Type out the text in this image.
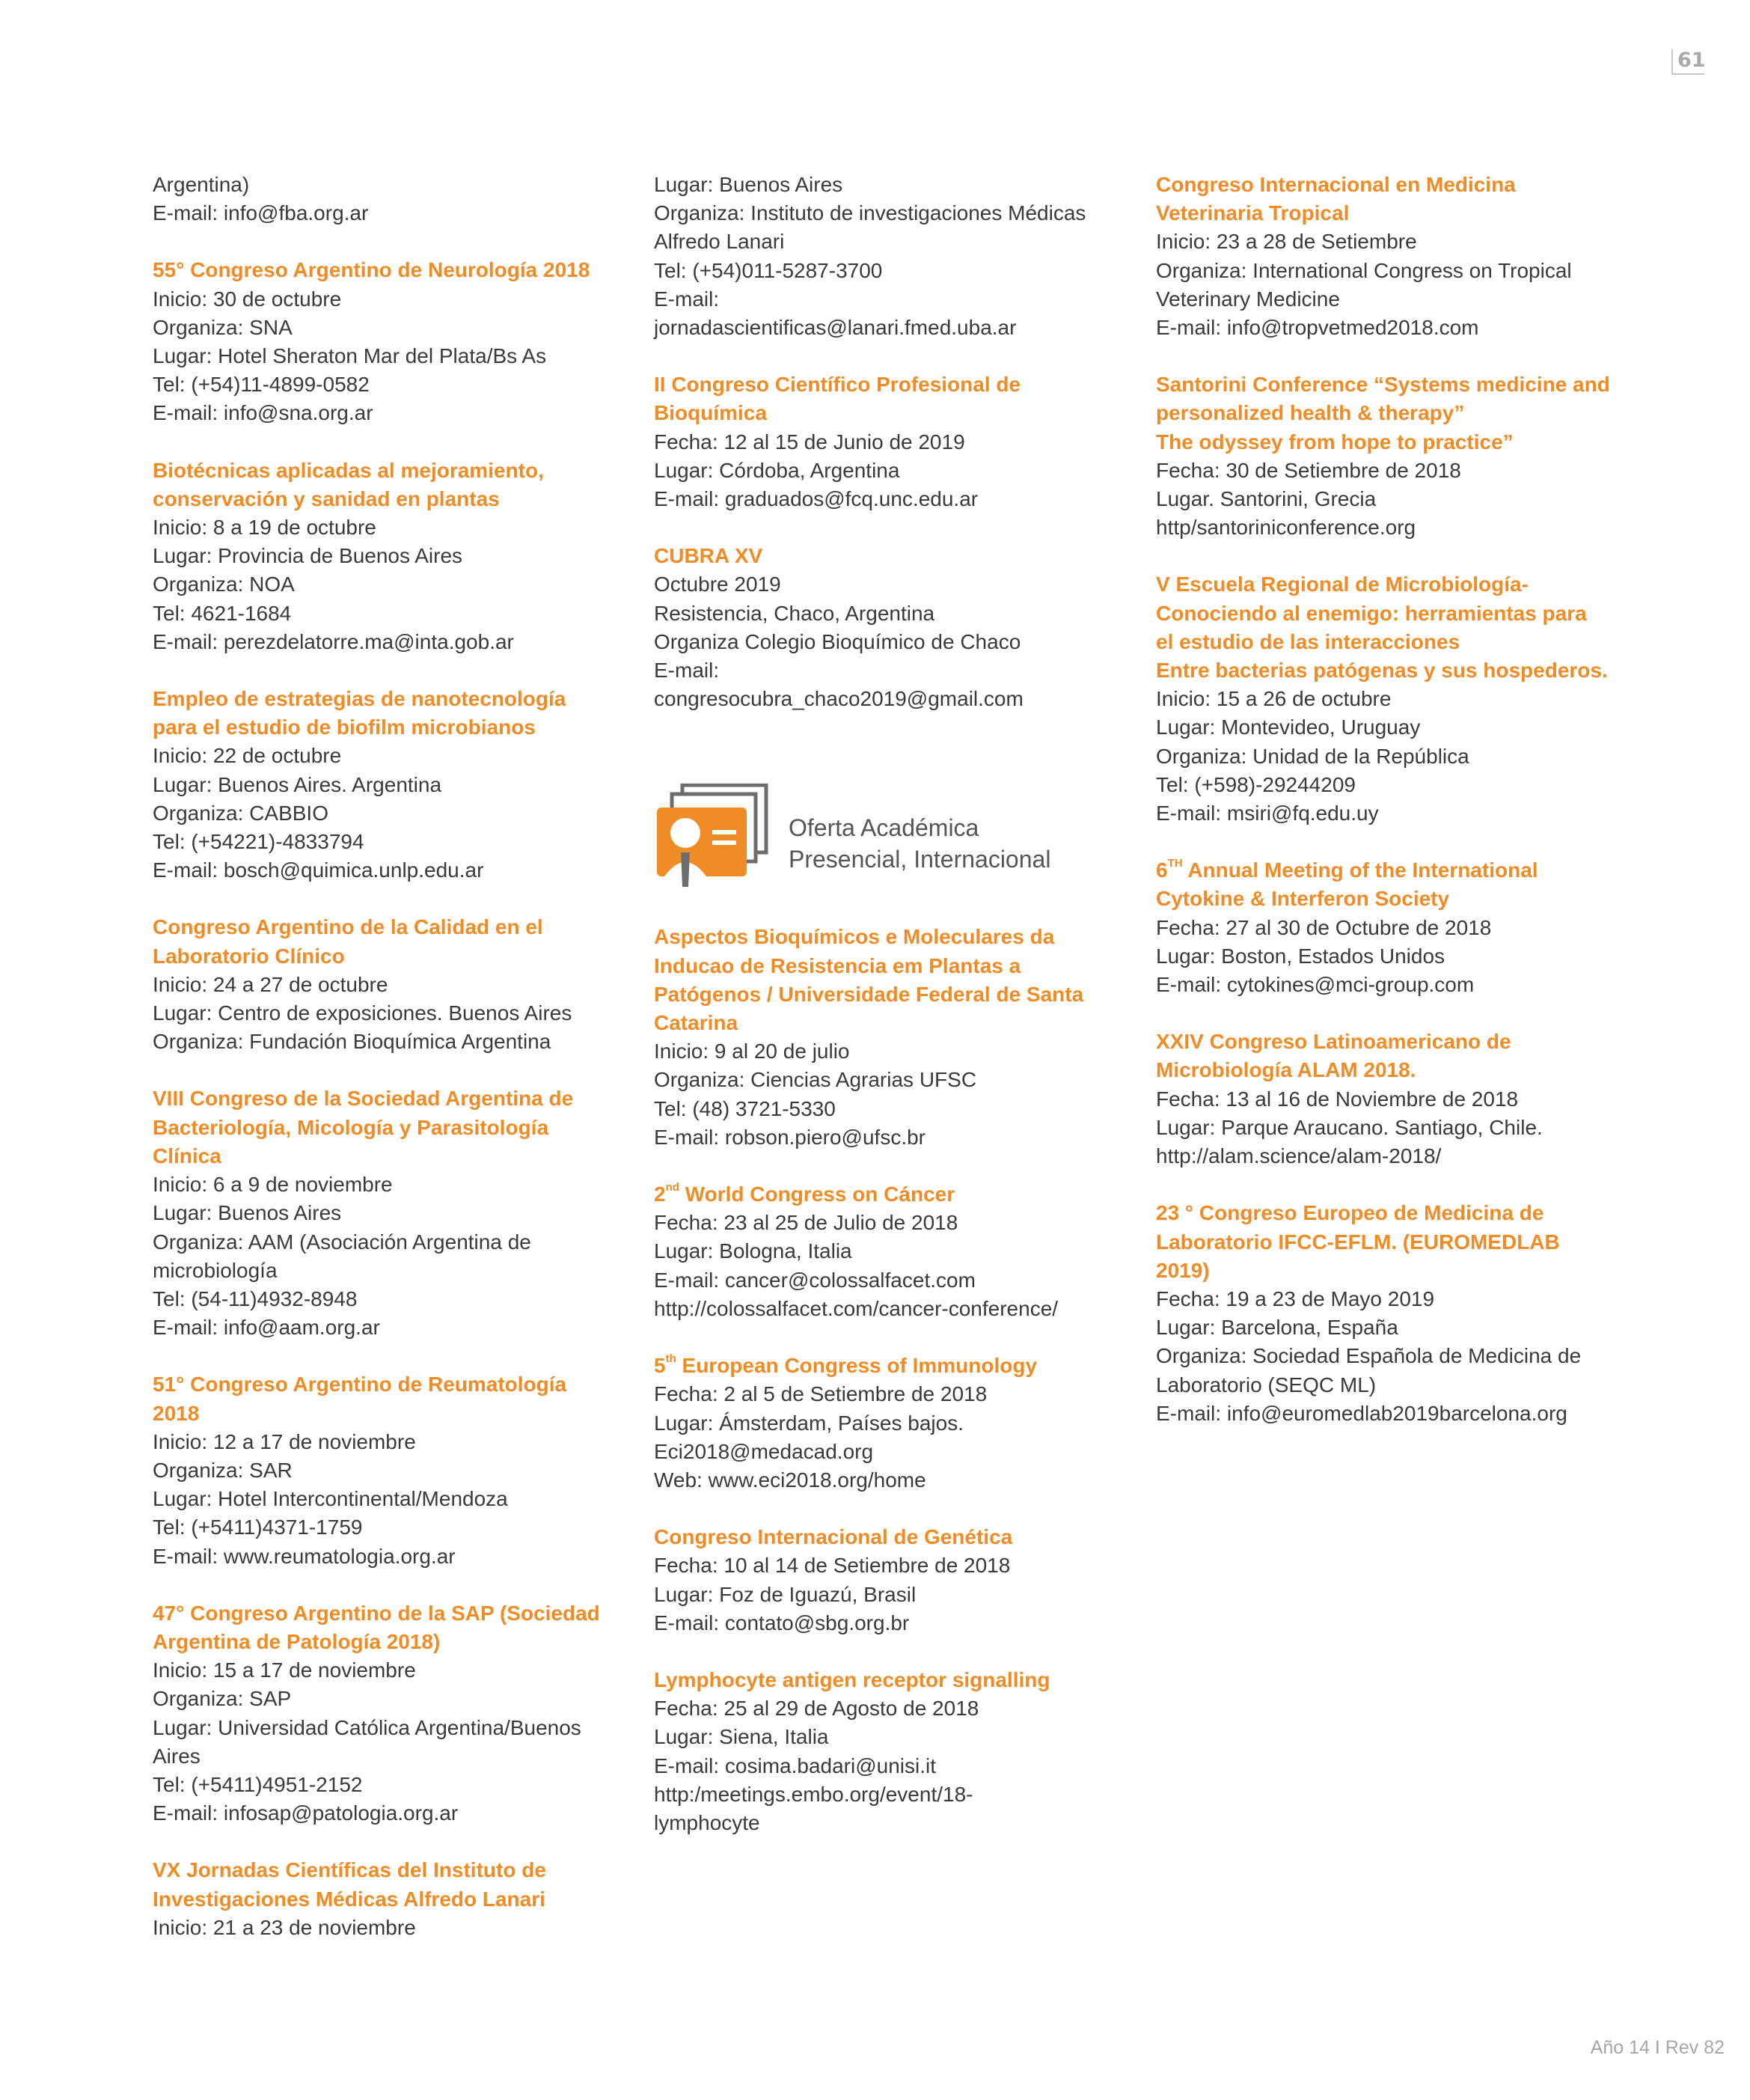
61
Argentina)
E-mail: info@fba.org.ar
55° Congreso Argentino de Neurología 2018
Inicio: 30 de octubre
Organiza: SNA
Lugar: Hotel Sheraton Mar del Plata/Bs As
Tel: (+54)11-4899-0582
E-mail: info@sna.org.ar
Biotécnicas aplicadas al mejoramiento,
conservación y sanidad en plantas
Inicio: 8 a 19 de octubre
Lugar: Provincia de Buenos Aires
Organiza: NOA
Tel: 4621-1684
E-mail: perezdelatorre.ma@inta.gob.ar
Empleo de estrategias de nanotecnología
para el estudio de biofilm microbianos
Inicio: 22 de octubre
Lugar: Buenos Aires. Argentina
Organiza: CABBIO
Tel: (+54221)-4833794
E-mail: bosch@quimica.unlp.edu.ar
Congreso Argentino de la Calidad en el
Laboratorio Clínico
Inicio: 24 a 27 de octubre
Lugar: Centro de exposiciones. Buenos Aires
Organiza: Fundación Bioquímica Argentina
VIII Congreso de la Sociedad Argentina de
Bacteriología, Micología y Parasitología
Clínica
Inicio: 6 a 9 de noviembre
Lugar: Buenos Aires
Organiza: AAM (Asociación Argentina de
microbiología
Tel: (54-11)4932-8948
E-mail: info@aam.org.ar
51° Congreso Argentino de Reumatología
2018
Inicio: 12 a 17 de noviembre
Organiza: SAR
Lugar: Hotel Intercontinental/Mendoza
Tel: (+5411)4371-1759
E-mail: www.reumatologia.org.ar
47° Congreso Argentino de la SAP (Sociedad
Argentina de Patología 2018)
Inicio: 15 a 17 de noviembre
Organiza: SAP
Lugar: Universidad Católica Argentina/Buenos
Aires
Tel: (+5411)4951-2152
E-mail: infosap@patologia.org.ar
VX Jornadas Científicas del Instituto de
Investigaciones Médicas Alfredo Lanari
Inicio: 21 a 23 de noviembre
Lugar: Buenos Aires
Organiza: Instituto de investigaciones Médicas
Alfredo Lanari
Tel: (+54)011-5287-3700
E-mail:
jornadascientificas@lanari.fmed.uba.ar
II Congreso Científico Profesional de
Bioquímica
Fecha: 12 al 15 de Junio de 2019
Lugar: Córdoba, Argentina
E-mail: graduados@fcq.unc.edu.ar
CUBRA XV
Octubre 2019
Resistencia, Chaco, Argentina
Organiza Colegio Bioquímico de Chaco
E-mail:
congresocubra_chaco2019@gmail.com
Oferta Académica
Presencial, Internacional
Aspectos Bioquímicos e Moleculares da
Inducao de Resistencia em Plantas a
Patógenos / Universidade Federal de Santa
Catarina
Inicio: 9 al 20 de julio
Organiza: Ciencias Agrarias UFSC
Tel: (48) 3721-5330
E-mail: robson.piero@ufsc.br
2nd World Congress on Cáncer
Fecha: 23 al 25 de Julio de 2018
Lugar: Bologna, Italia
E-mail: cancer@colossalfacet.com
http://colossalfacet.com/cancer-conference/
5th European Congress of Immunology
Fecha: 2 al 5 de Setiembre de 2018
Lugar: Ámsterdam, Países bajos.
Eci2018@medacad.org
Web: www.eci2018.org/home
Congreso Internacional de Genética
Fecha: 10 al 14 de Setiembre de 2018
Lugar: Foz de Iguazú, Brasil
E-mail: contato@sbg.org.br
Lymphocyte antigen receptor signalling
Fecha: 25 al 29 de Agosto de 2018
Lugar: Siena, Italia
E-mail: cosima.badari@unisi.it
http:/meetings.embo.org/event/18-
lymphocyte
Congreso Internacional en Medicina
Veterinaria Tropical
Inicio: 23 a 28 de Setiembre
Organiza: International Congress on Tropical
Veterinary Medicine
E-mail: info@tropvetmed2018.com
Santorini Conference “Systems medicine and
personalized health & therapy”
The odyssey from hope to practice”
Fecha: 30 de Setiembre de 2018
Lugar. Santorini, Grecia
http/santoriniconference.org
V Escuela Regional de Microbiología-
Conociendo al enemigo: herramientas para
el estudio de las interacciones
Entre bacterias patógenas y sus hospederos.
Inicio: 15 a 26 de octubre
Lugar: Montevideo, Uruguay
Organiza: Unidad de la República
Tel: (+598)-29244209
E-mail: msiri@fq.edu.uy
6TH Annual Meeting of the International
Cytokine & Interferon Society
Fecha: 27 al 30 de Octubre de 2018
Lugar: Boston, Estados Unidos
E-mail: cytokines@mci-group.com
XXIV Congreso Latinoamericano de
Microbiología ALAM 2018.
Fecha: 13 al 16 de Noviembre de 2018
Lugar: Parque Araucano. Santiago, Chile.
http://alam.science/alam-2018/
23 ° Congreso Europeo de Medicina de
Laboratorio IFCC-EFLM. (EUROMEDLAB
2019)
Fecha: 19 a 23 de Mayo 2019
Lugar: Barcelona, España
Organiza: Sociedad Española de Medicina de
Laboratorio (SEQC ML)
E-mail: info@euromedlab2019barcelona.org
Año 14 I Rev 82
